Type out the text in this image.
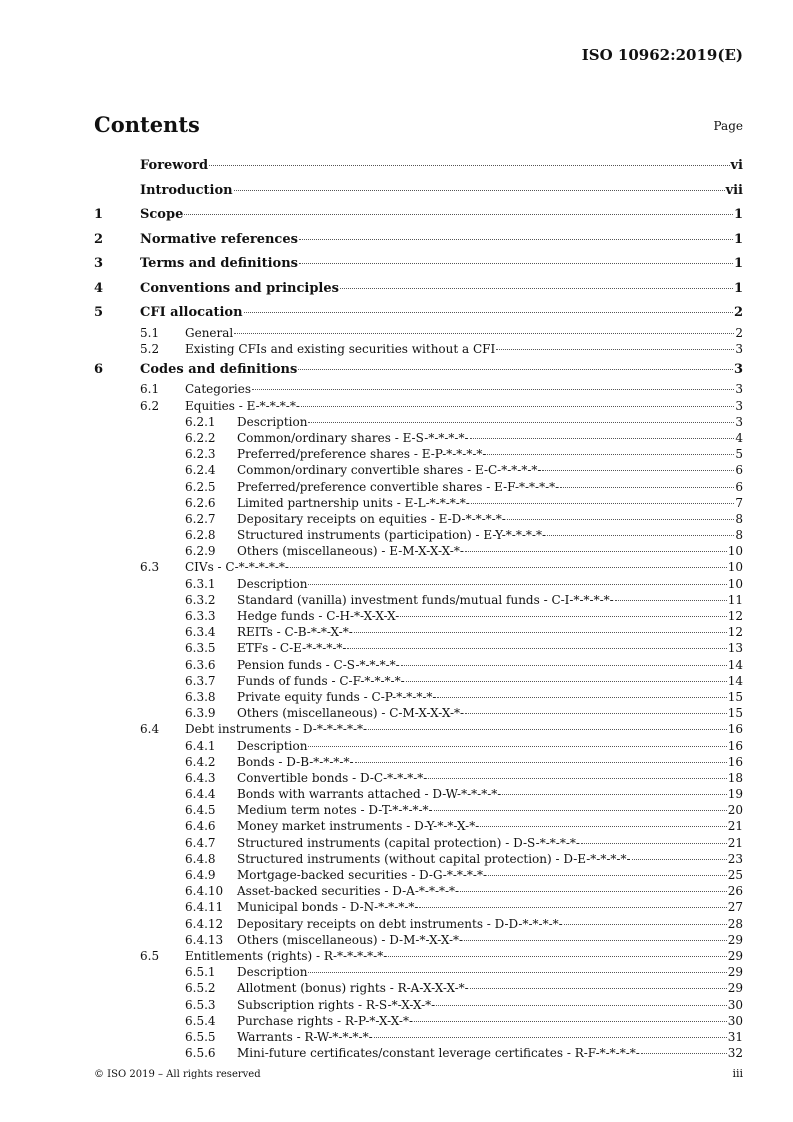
ISO 10962:2019(E)
Contents	Page
Foreword	vi
Introduction	vii
1	Scope	1
2	Normative references	1
3	Terms and definitions	1
4	Conventions and principles	1
5	CFI allocation	2
5.1	General	2
5.2	Existing CFIs and existing securities without a CFI	3
6	Codes and definitions	3
6.1	Categories	3
6.2	Equities - E-*-*-*-*-	3
6.2.1	Description	3
6.2.2	Common/ordinary shares - E-S-*-*-*-*-	4
6.2.3	Preferred/preference shares - E-P-*-*-*-*-	5
6.2.4	Common/ordinary convertible shares - E-C-*-*-*-*-	6
6.2.5	Preferred/preference convertible shares - E-F-*-*-*-*-	6
6.2.6	Limited partnership units - E-L-*-*-*-*-	7
6.2.7	Depositary receipts on equities - E-D-*-*-*-*-	8
6.2.8	Structured instruments (participation) - E-Y-*-*-*-*-	8
6.2.9	Others (miscellaneous) - E-M-X-X-X-*-	10
6.3	CIVs - C-*-*-*-*-*-	10
6.3.1	Description	10
6.3.2	Standard (vanilla) investment funds/mutual funds - C-I-*-*-*-*-	11
6.3.3	Hedge funds - C-H-*-X-X-X-	12
6.3.4	REITs - C-B-*-*-X-*-	12
6.3.5	ETFs - C-E-*-*-*-*-	13
6.3.6	Pension funds - C-S-*-*-*-*-	14
6.3.7	Funds of funds - C-F-*-*-*-*-	14
6.3.8	Private equity funds - C-P-*-*-*-*-	15
6.3.9	Others (miscellaneous) - C-M-X-X-X-*-	15
6.4	Debt instruments - D-*-*-*-*-*-	16
6.4.1	Description	16
6.4.2	Bonds - D-B-*-*-*-*-	16
6.4.3	Convertible bonds - D-C-*-*-*-*-	18
6.4.4	Bonds with warrants attached - D-W-*-*-*-*-	19
6.4.5	Medium term notes - D-T-*-*-*-*-	20
6.4.6	Money market instruments - D-Y-*-*-X-*-	21
6.4.7	Structured instruments (capital protection) - D-S-*-*-*-*-	21
6.4.8	Structured instruments (without capital protection) - D-E-*-*-*-*-	23
6.4.9	Mortgage-backed securities - D-G-*-*-*-*-	25
6.4.10	Asset-backed securities - D-A-*-*-*-*-	26
6.4.11	Municipal bonds - D-N-*-*-*-*-	27
6.4.12	Depositary receipts on debt instruments - D-D-*-*-*-*-	28
6.4.13	Others (miscellaneous) - D-M-*-X-X-*-	29
6.5	Entitlements (rights) - R-*-*-*-*-*-	29
6.5.1	Description	29
6.5.2	Allotment (bonus) rights - R-A-X-X-X-*-	29
6.5.3	Subscription rights - R-S-*-X-X-*-	30
6.5.4	Purchase rights - R-P-*-X-X-*-	30
6.5.5	Warrants - R-W-*-*-*-*-	31
6.5.6	Mini-future certificates/constant leverage certificates - R-F-*-*-*-*-	32
© ISO 2019 – All rights reserved	iii
